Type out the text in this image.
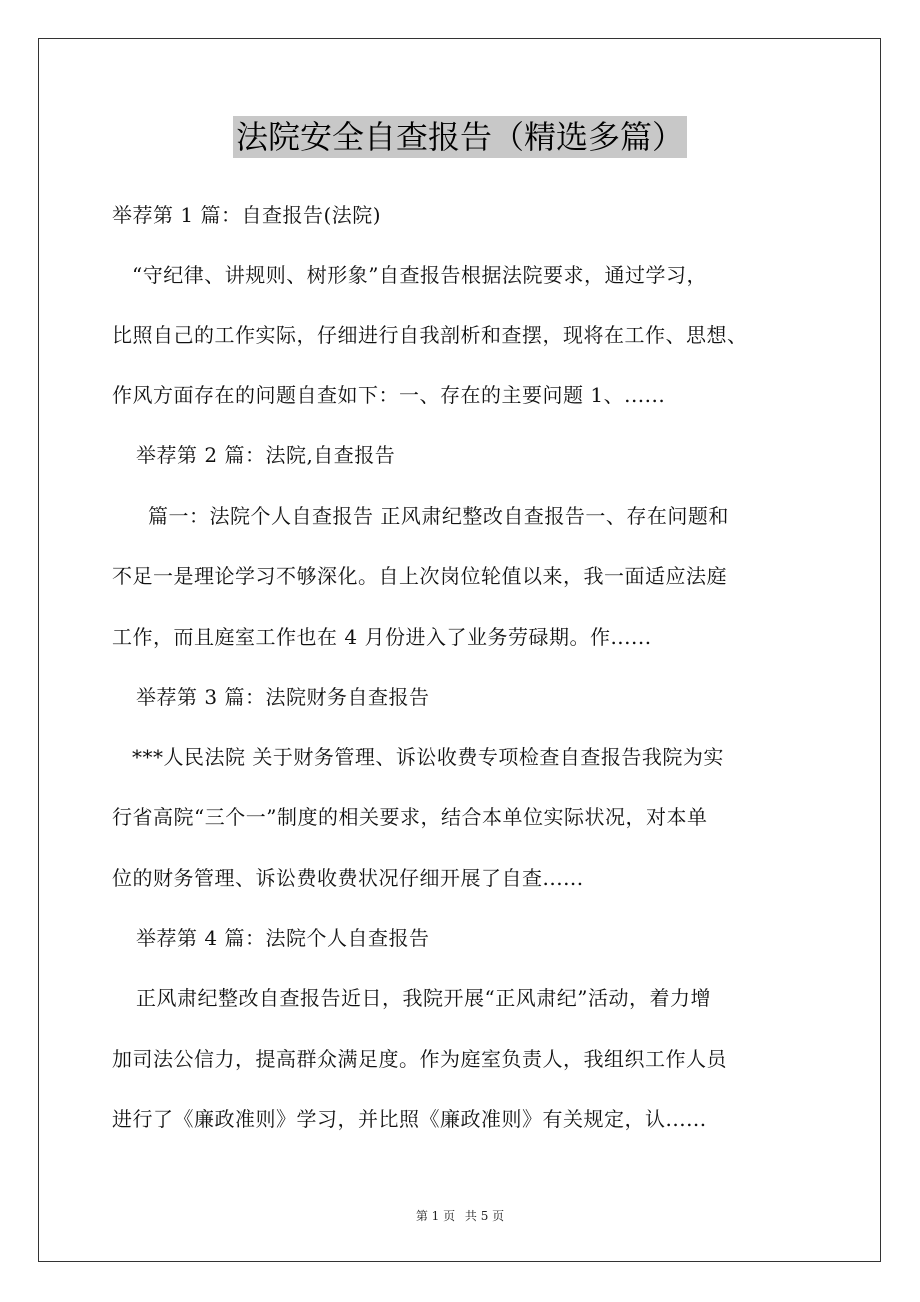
法院安全自查报告（精选多篇）
举荐第 1 篇：自查报告(法院)
“守纪律、讲规则、树形象”自查报告根据法院要求，通过学习，
比照自己的工作实际，仔细进行自我剖析和查摆，现将在工作、思想、
作风方面存在的问题自查如下：一、存在的主要问题 1、......
举荐第 2 篇：法院,自查报告
篇一：法院个人自查报告 正风肃纪整改自查报告一、存在问题和
不足一是理论学习不够深化。自上次岗位轮值以来，我一面适应法庭
工作，而且庭室工作也在 4 月份进入了业务劳碌期。作......
举荐第 3 篇：法院财务自查报告
***人民法院 关于财务管理、诉讼收费专项检查自查报告我院为实
行省高院“三个一”制度的相关要求，结合本单位实际状况，对本单
位的财务管理、诉讼费收费状况仔细开展了自查......
举荐第 4 篇：法院个人自查报告
正风肃纪整改自查报告近日，我院开展“正风肃纪”活动，着力增
加司法公信力，提高群众满足度。作为庭室负责人，我组织工作人员
进行了《廉政准则》学习，并比照《廉政准则》有关规定，认......
第 1 页 共 5 页
